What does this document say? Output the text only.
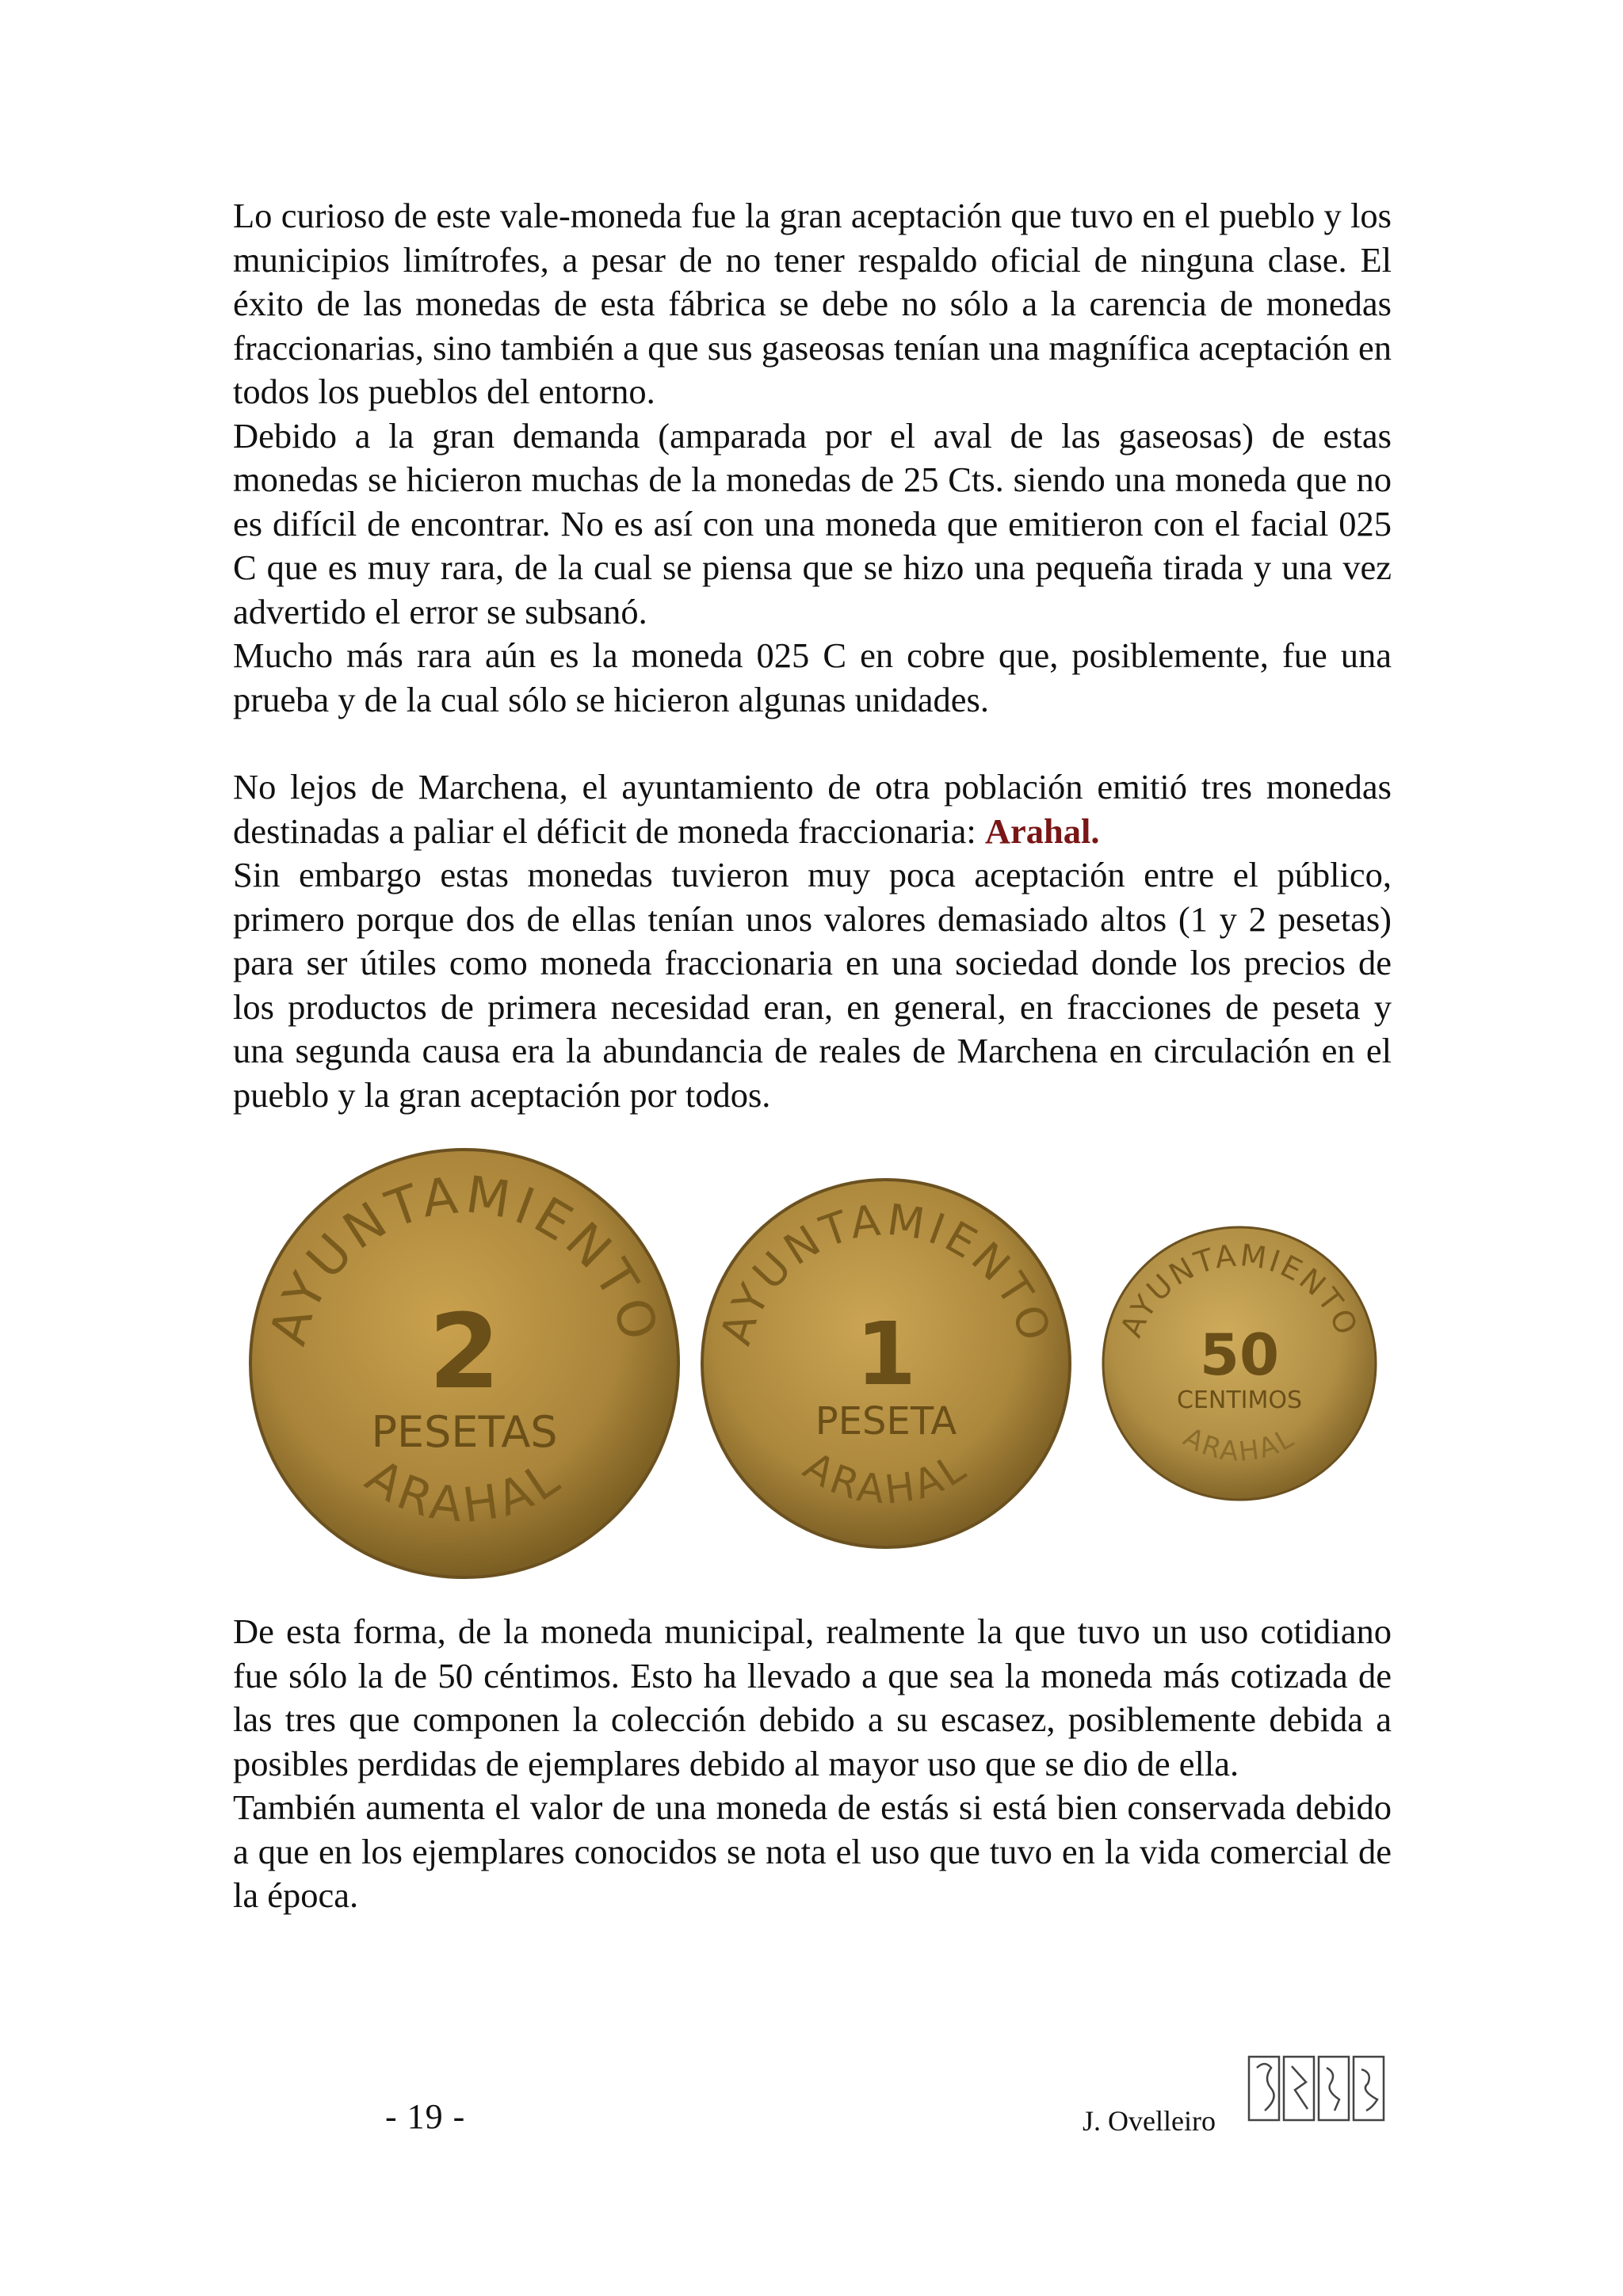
Lo curioso de este vale-moneda fue la gran aceptación que tuvo en el pueblo y los municipios limítrofes, a pesar de no tener respaldo oficial de ninguna clase. El éxito de las monedas de esta fábrica se debe no sólo a la carencia de monedas fraccionarias, sino también a que sus gaseosas tenían una magnífica aceptación en todos los pueblos del entorno.

Debido a la gran demanda (amparada por el aval de las gaseosas) de estas monedas se hicieron muchas de la monedas de 25 Cts. siendo una moneda que no es difícil de encontrar. No es así con una moneda que emitieron con el facial 025 C que es muy rara, de la cual se piensa que se hizo una pequeña tirada y una vez advertido el error se subsanó.

Mucho más rara aún es la moneda 025 C en cobre que, posiblemente, fue una prueba y de la cual sólo se hicieron algunas unidades.

No lejos de Marchena, el ayuntamiento de otra población emitió tres monedas destinadas a paliar el déficit de moneda fraccionaria: Arahal.

Sin embargo estas monedas tuvieron muy poca aceptación entre el público, primero porque dos de ellas tenían unos valores demasiado altos (1 y 2 pesetas) para ser útiles como moneda fraccionaria en una sociedad donde los precios de los productos de primera necesidad eran, en general, en fracciones de peseta y una segunda causa era la abundancia de reales de Marchena en circulación en el pueblo y la gran aceptación por todos.

AYUNTAMIENTO
2
PESETAS
ARAHAL
AYUNTAMIENTO
1
PESETA
ARAHAL
AYUNTAMIENTO
50
CENTIMOS
ARAHAL

De esta forma, de la moneda municipal, realmente la que tuvo un uso cotidiano fue sólo la de 50 céntimos. Esto ha llevado a que sea la moneda más cotizada de las tres que componen la colección debido a su escasez, posiblemente debida a posibles perdidas de ejemplares debido al mayor uso que se dio de ella.

También aumenta el valor de una moneda de estás si está bien conservada debido a que en los ejemplares conocidos se nota el uso que tuvo en la vida comercial de la época.

- 19 -	J. Ovelleiro
